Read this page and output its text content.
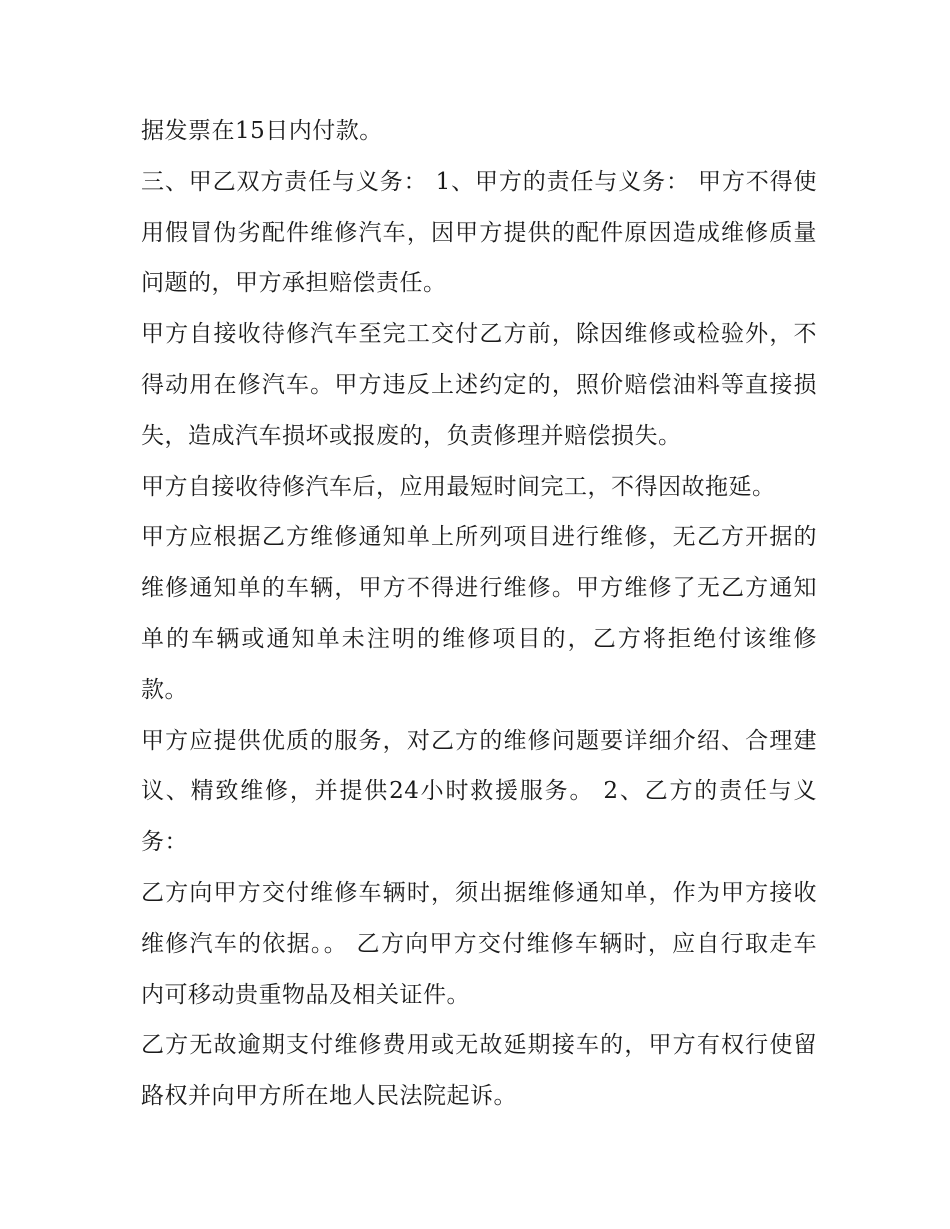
据发票在15日内付款。

三、甲乙双方责任与义务： 1、甲方的责任与义务： 甲方不得使用假冒伪劣配件维修汽车，因甲方提供的配件原因造成维修质量问题的，甲方承担赔偿责任。

甲方自接收待修汽车至完工交付乙方前，除因维修或检验外，不得动用在修汽车。甲方违反上述约定的，照价赔偿油料等直接损失，造成汽车损坏或报废的，负责修理并赔偿损失。

甲方自接收待修汽车后，应用最短时间完工，不得因故拖延。

甲方应根据乙方维修通知单上所列项目进行维修，无乙方开据的维修通知单的车辆，甲方不得进行维修。甲方维修了无乙方通知单的车辆或通知单未注明的维修项目的，乙方将拒绝付该维修款。

甲方应提供优质的服务，对乙方的维修问题要详细介绍、合理建议、精致维修，并提供24小时救援服务。 2、乙方的责任与义务：

乙方向甲方交付维修车辆时，须出据维修通知单，作为甲方接收维修汽车的依据。。 乙方向甲方交付维修车辆时，应自行取走车内可移动贵重物品及相关证件。

乙方无故逾期支付维修费用或无故延期接车的，甲方有权行使留路权并向甲方所在地人民法院起诉。
